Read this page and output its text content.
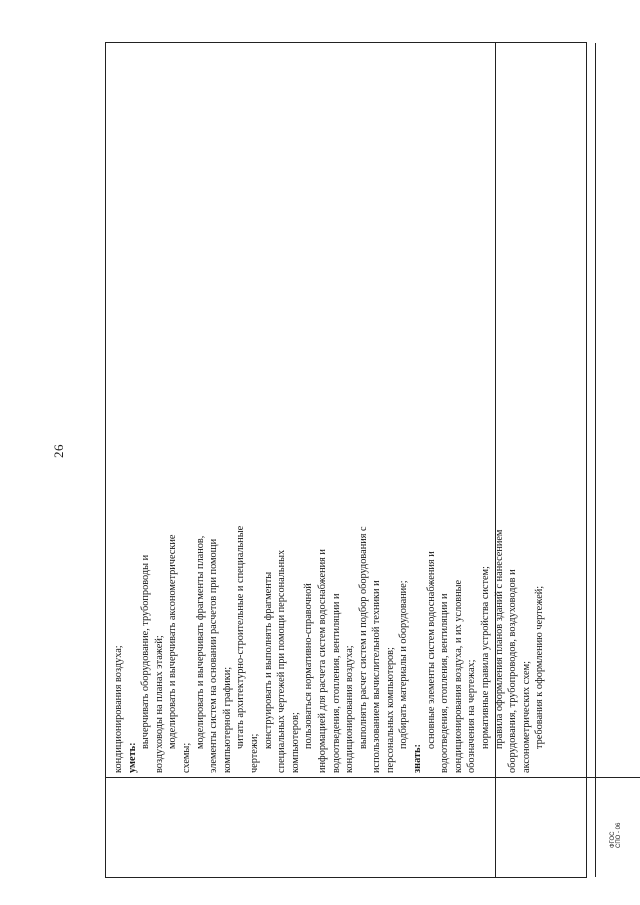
26
кондиционирования воздуха; уметь:
вычерчивать оборудование, трубопроводы и воздуховоды на планах этажей; моделировать и вычерчивать аксонометрические
схемы;
моделировать и вычерчивать фрагменты планов, элементы систем на основании расчетов при помощи компьютерной графики; читать архитектурно-строительные и специальные
чертежи;
конструировать и выполнять фрагменты специальных чертежей при помощи персональных компьютеров; пользоваться нормативно-справочной информацией для расчета систем водоснабжения и водоотведения, отопления, вентиляции и кондиционирования воздуха; выполнять расчет систем и подбор оборудования с использованием вычислительной техники и персональных компьютеров; подбирать материалы и оборудование;
знать:
основные элементы систем водоснабжения и водоотведения, отопления, вентиляции и кондиционирования воздуха, и их условные обозначения на чертежах; нормативные правила устройства систем; правила оформления планов зданий с нанесением оборудования, трубопроводов, воздуховодов и аксонометрических схем; требования к оформлению чертежей;
ФГОС СПО - 06
